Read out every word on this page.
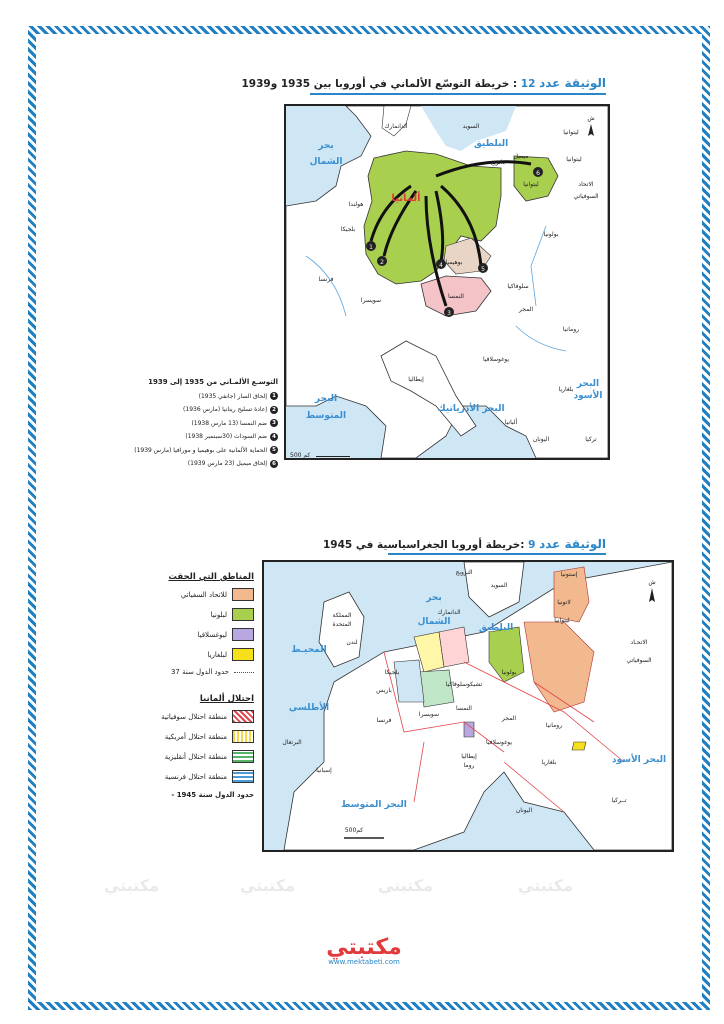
الوثيقة عدد 12 : خريطة التوسّع الألماني في أوروبا بين 1935 و1939
1
2
3
4
5
6
بحر
الشمال
البلطيق
البحر
المتوسط
البحر الأدرياتيك
البحر
الأسود
ألمانيا
الدانمارك	السويد
ليتوانيا
ليتوانيا
ليتوانيا	الاتحاد
السوفياتي
هولندا
بلجيكا
بولونيا
فرنسا
بوهيميا
سلوفاكيا
سويسرا
النمسا
المجر
رومانيا
يوغوسلافيا
إيطاليا
بلغاريا
ألبانيا
اليونان	تركيا
دانزيغ
ميميل
ش
التوسـع الألمـاني من 1935 إلى 1939
1
إلحاق السار (جانفي 1935)
2
إعادة تسليح رينانيا (مارس 1936)
3
ضم النمسا (13 مارس 1938)
4
ضم السودات (30سبتمبر 1938)
5
الحماية الألمانية على بوهيميا و مورافيا (مارس 1939)
6
إلحاق ميميل (23 مارس 1939)
500 كم
الوثيقة عدد 9 :خريطة أوروبا الجغراسياسية في 1945
المحيـط
الأطلسي
بحر
الشمال
البلطيق
البحر المتوسط
البحر الأسود
النرويج
السويد
إستونيا
لاتونيا
ليتوانيا
الاتحـاد
السوفياتي
المملكة
المتحدة
لندن
الدانمارك
بولونيا
بلجيكا
باريس
فرنسا
سويسرا
النمسا
المجر
تشيكوسلوفاكيا
رومانيا
يوغوسلافيا
بلغاريا
إيطاليا
روما
إسبانيا
البرتغال
اليونان
تــركيا
ش
500كم
المناطق التي الحقت
للاتحاد السفياتي
لبلونيا
ليوغسلافيا
لبلغاريا
حدود الدول سنة 37
احتلال ألمانيا
منطقة احتلال سوفياتية
منطقة احتلال أمريكية
منطقة احتلال أنقليزية
منطقة احتلال فرنسية
حدود الدول سنة 1945 -
مكتبتي	مكتبتي	مكتبتي	مكتبتي
مكتبتي
www.mektabeti.com
